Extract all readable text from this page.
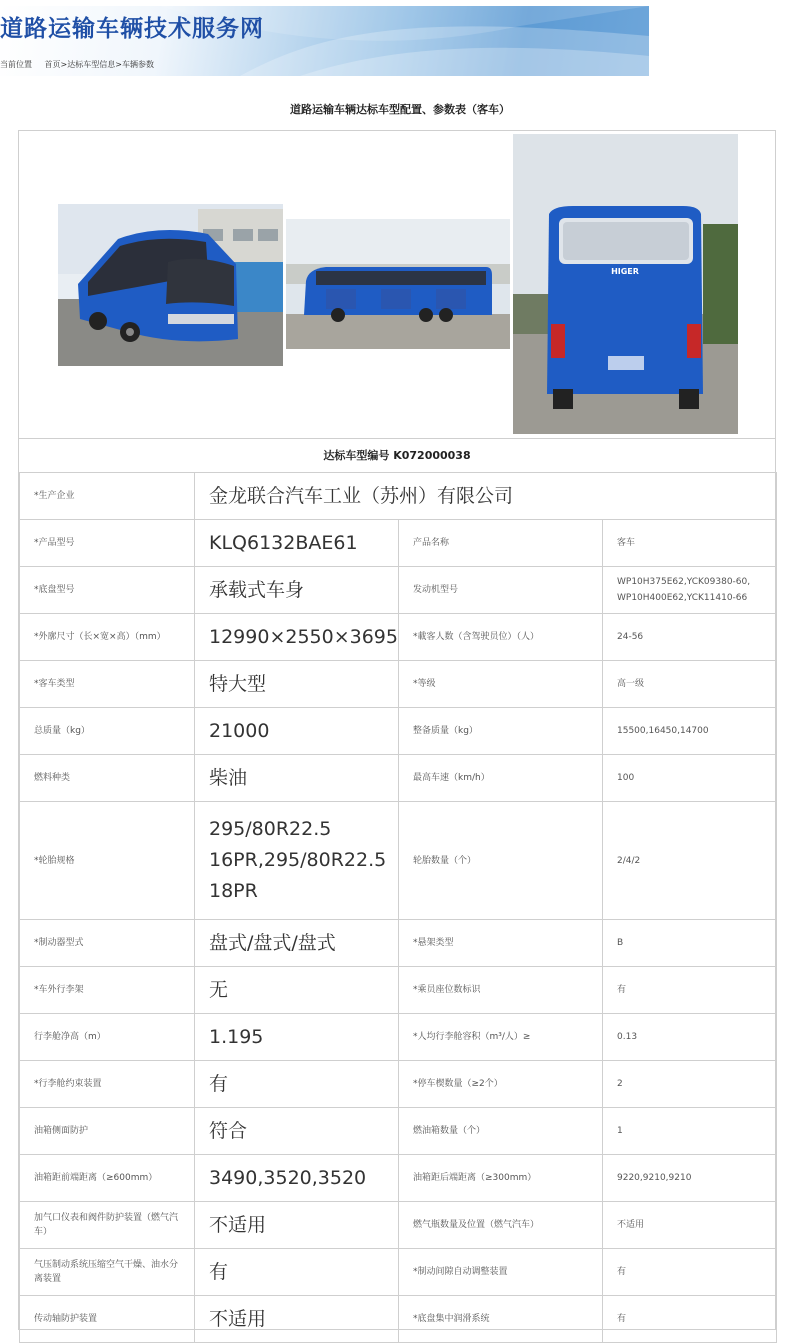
道路运输车辆技术服务网
当前位置 首页>达标车型信息>车辆参数
道路运输车辆达标车型配置、参数表（客车）
HIGER
达标车型编号 K072000038
*生产企业	金龙联合汽车工业（苏州）有限公司		
*产品型号	KLQ6132BAE61	产品名称	客车
*底盘型号	承载式车身	发动机型号	WP10H375E62,YCK09380-60,WP10H400E62,YCK11410-66
*外廓尺寸（长×宽×高）（mm）	12990×2550×3695	*載客人数（含驾驶员位）（人）	24-56
*客车类型	特大型	*等级	高一级
总质量（kg）	21000	整备质量（kg）	15500,16450,14700
燃料种类	柴油	最高车速（km/h）	100
*轮胎规格	295/80R22.5 16PR,295/80R22.5 18PR	轮胎数量（个）	2/4/2
*制动器型式	盘式/盘式/盘式	*悬架类型	B
*车外行李架	无	*乘员座位数标识	有
行李舱净高（m）	1.195	*人均行李舱容积（m³/人）≥	0.13
*行李舱约束装置	有	*停车楔数量（≥2个）	2
油箱侧面防护	符合	燃油箱数量（个）	1
油箱距前端距离（≥600mm）	3490,3520,3520	油箱距后端距离（≥300mm）	9220,9210,9210
加气口仪表和阀件防护装置（燃气汽车）	不适用	燃气瓶数量及位置（燃气汽车）	不适用
气压制动系统压缩空气干燥、油水分离装置	有	*制动间隙自动调整装置	有
传动轴防护装置	不适用	*底盘集中润滑系统	有
